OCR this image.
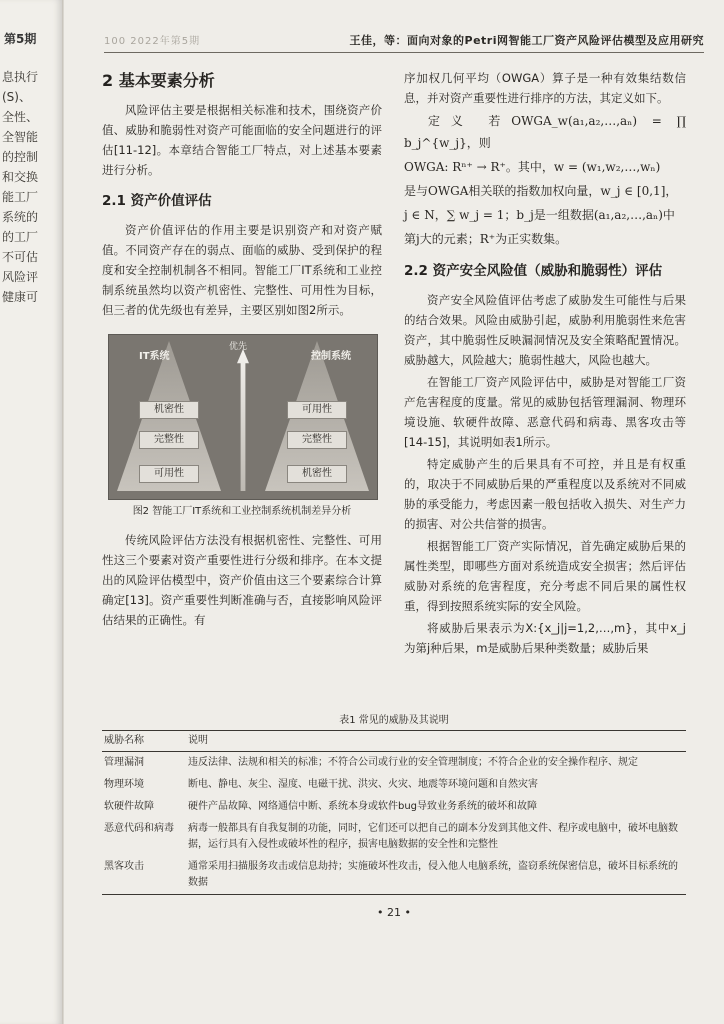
第5期
息执行
(S)、
全性、
全智能
的控制
和交换
能工厂
系统的
的工厂
不可估
风险评
健康可
100 2022年第5期	王佳，等：面向对象的Petri网智能工厂资产风险评估模型及应用研究
2 基本要素分析

风险评估主要是根据相关标准和技术，围绕资产价值、威胁和脆弱性对资产可能面临的安全问题进行的评估[11-12]。本章结合智能工厂特点，对上述基本要素进行分析。

2.1 资产价值评估

资产价值评估的作用主要是识别资产和对资产赋值。不同资产存在的弱点、面临的威胁、受到保护的程度和安全控制机制各不相同。智能工厂IT系统和工业控制系统虽然均以资产机密性、完整性、可用性为目标，但三者的优先级也有差异，主要区别如图2所示。

IT系统	控制系统
优先
机密性
完整性
可用性
可用性
完整性
机密性

图2 智能工厂IT系统和工业控制系统机制差异分析

传统风险评估方法没有根据机密性、完整性、可用性这三个要素对资产重要性进行分级和排序。在本文提出的风险评估模型中，资产价值由这三个要素综合计算确定[13]。资产重要性判断准确与否，直接影响风险评估结果的正确性。有

序加权几何平均（OWGA）算子是一种有效集结数信息，并对资产重要性进行排序的方法，其定义如下。

定义 若OWGA_w(a₁,a₂,…,aₙ) = ∏ b_j^{w_j}，则

OWGA: Rⁿ⁺ → R⁺。其中，w = (w₁,w₂,…,wₙ)

是与OWGA相关联的指数加权向量，w_j ∈ [0,1]，

j ∈ N，∑ w_j = 1；b_j是一组数据(a₁,a₂,…,aₙ)中

第j大的元素；R⁺为正实数集。

2.2 资产安全风险值（威胁和脆弱性）评估

资产安全风险值评估考虑了威胁发生可能性与后果的结合效果。风险由威胁引起，威胁利用脆弱性来危害资产，其中脆弱性反映漏洞情况及安全策略配置情况。威胁越大，风险越大；脆弱性越大，风险也越大。

在智能工厂资产风险评估中，威胁是对智能工厂资产危害程度的度量。常见的威胁包括管理漏洞、物理环境设施、软硬件故障、恶意代码和病毒、黑客攻击等[14-15]，其说明如表1所示。

特定威胁产生的后果具有不可控，并且是有权重的，取决于不同威胁后果的严重程度以及系统对不同威胁的承受能力，考虑因素一般包括收入损失、对生产力的损害、对公共信誉的损害。

根据智能工厂资产实际情况，首先确定威胁后果的属性类型，即哪些方面对系统造成安全损害；然后评估威胁对系统的危害程度，充分考虑不同后果的属性权重，得到按照系统实际的安全风险。

将威胁后果表示为X:{x_j|j=1,2,…,m}，其中x_j为第j种后果，m是威胁后果种类数量；威胁后果

表1 常见的威胁及其说明
威胁名称	说明
管理漏洞	违反法律、法规和相关的标准；不符合公司或行业的安全管理制度；不符合企业的安全操作程序、规定
物理环境	断电、静电、灰尘、湿度、电磁干扰、洪灾、火灾、地震等环境问题和自然灾害
软硬件故障	硬件产品故障、网络通信中断、系统本身或软件bug导致业务系统的破坏和故障
恶意代码和病毒	病毒一般都具有自我复制的功能，同时，它们还可以把自己的副本分发到其他文件、程序或电脑中，破坏电脑数据，运行具有入侵性或破坏性的程序，损害电脑数据的安全性和完整性
黑客攻击	通常采用扫描服务攻击或信息劫持；实施破坏性攻击，侵入他人电脑系统，盗窃系统保密信息，破坏目标系统的数据
• 21 •
